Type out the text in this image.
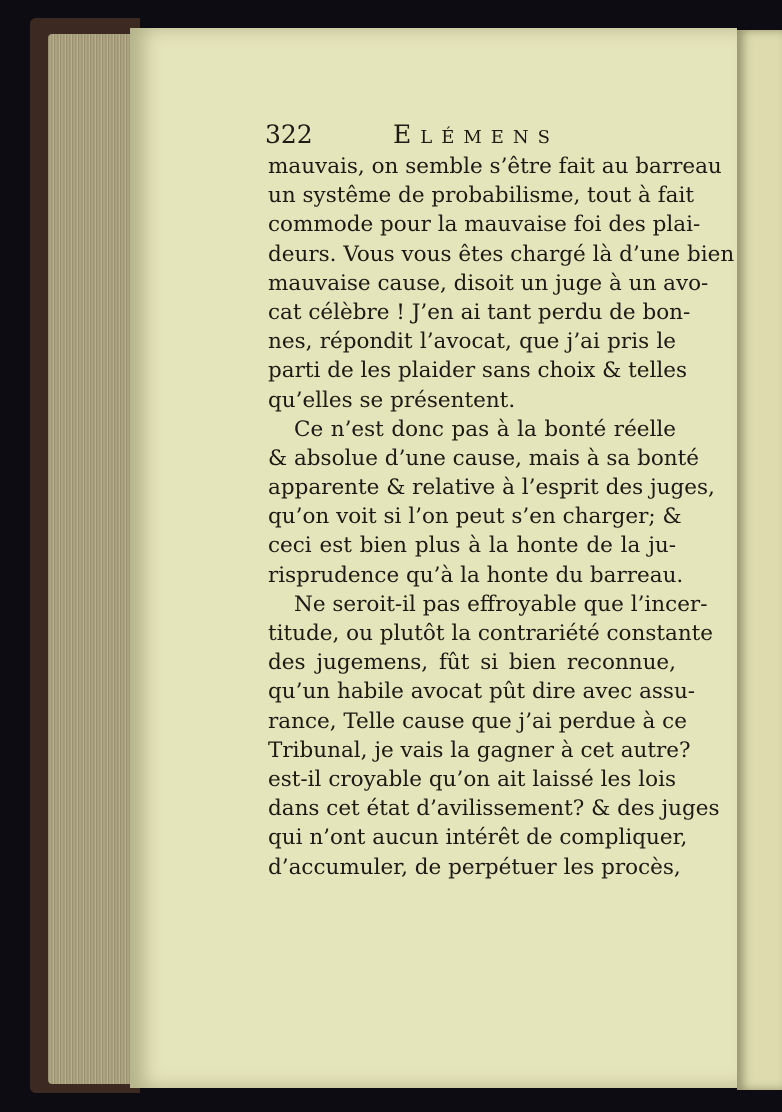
322	Elémens
mauvais, on semble s’être fait au barreau
un systême de probabilisme, tout à fait
commode pour la mauvaise foi des plai-
deurs. Vous vous êtes chargé là d’une bien
mauvaise cause, disoit un juge à un avo-
cat célèbre ! J’en ai tant perdu de bon-
nes, répondit l’avocat, que j’ai pris le
parti de les plaider sans choix & telles
qu’elles se présentent.
Ce n’est donc pas à la bonté réelle
& absolue d’une cause, mais à sa bonté
apparente & relative à l’esprit des juges,
qu’on voit si l’on peut s’en charger; &
ceci est bien plus à la honte de la ju-
risprudence qu’à la honte du barreau.
Ne seroit-il pas effroyable que l’incer-
titude, ou plutôt la contrariété constante
des jugemens, fût si bien reconnue,
qu’un habile avocat pût dire avec assu-
rance, Telle cause que j’ai perdue à ce
Tribunal, je vais la gagner à cet autre?
est-il croyable qu’on ait laissé les lois
dans cet état d’avilissement? & des juges
qui n’ont aucun intérêt de compliquer,
d’accumuler, de perpétuer les procès,
